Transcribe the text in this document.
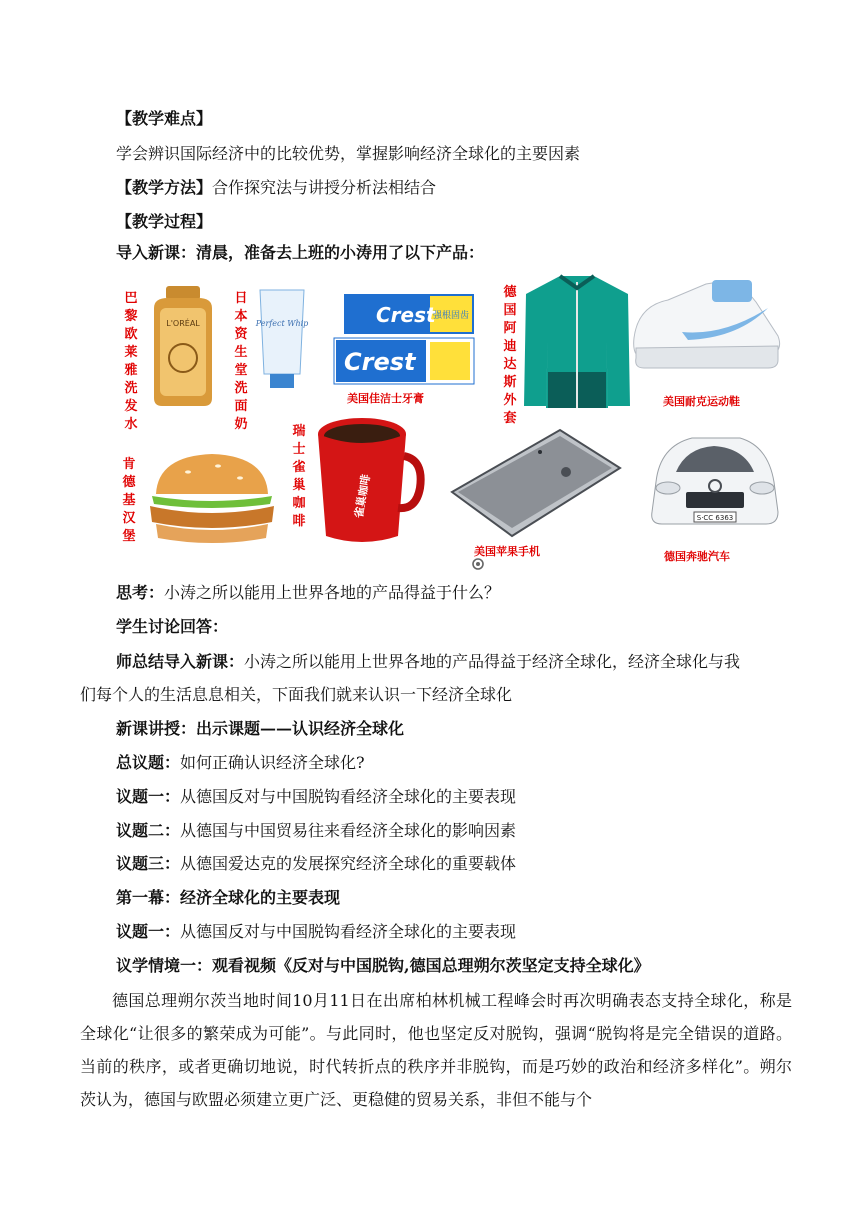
【教学难点】
学会辨识国际经济中的比较优势，掌握影响经济全球化的主要因素
【教学方法】合作探究法与讲授分析法相结合
【教学过程】
导入新课：清晨，准备去上班的小涛用了以下产品：
巴黎欧莱雅洗发水
L'ORÉAL
日本资生堂洗面奶
Perfect Whip	Crest
强根固齿
Crest
美国佳洁士牙膏
德国阿迪达斯外套
美国耐克运动鞋
肯德基汉堡
瑞士雀巢咖啡
雀巢咖啡
美国苹果手机
S·CC 6363
德国奔驰汽车
思考：小涛之所以能用上世界各地的产品得益于什么？
学生讨论回答：
师总结导入新课：小涛之所以能用上世界各地的产品得益于经济全球化，经济全球化与我
们每个人的生活息息相关，下面我们就来认识一下经济全球化
新课讲授：出示课题——认识经济全球化
总议题：如何正确认识经济全球化?
议题一：从德国反对与中国脱钩看经济全球化的主要表现
议题二：从德国与中国贸易往来看经济全球化的影响因素
议题三：从德国爱达克的发展探究经济全球化的重要载体
第一幕：经济全球化的主要表现
议题一：从德国反对与中国脱钩看经济全球化的主要表现
议学情境一：观看视频《反对与中国脱钩,德国总理朔尔茨坚定支持全球化》
德国总理朔尔茨当地时间10月11日在出席柏林机械工程峰会时再次明确表态支持全球化，称是全球化“让很多的繁荣成为可能”。与此同时，他也坚定反对脱钩，强调“脱钩将是完全错误的道路。当前的秩序，或者更确切地说，时代转折点的秩序并非脱钩，而是巧妙的政治和经济多样化”。朔尔茨认为，德国与欧盟必须建立更广泛、更稳健的贸易关系，非但不能与个
